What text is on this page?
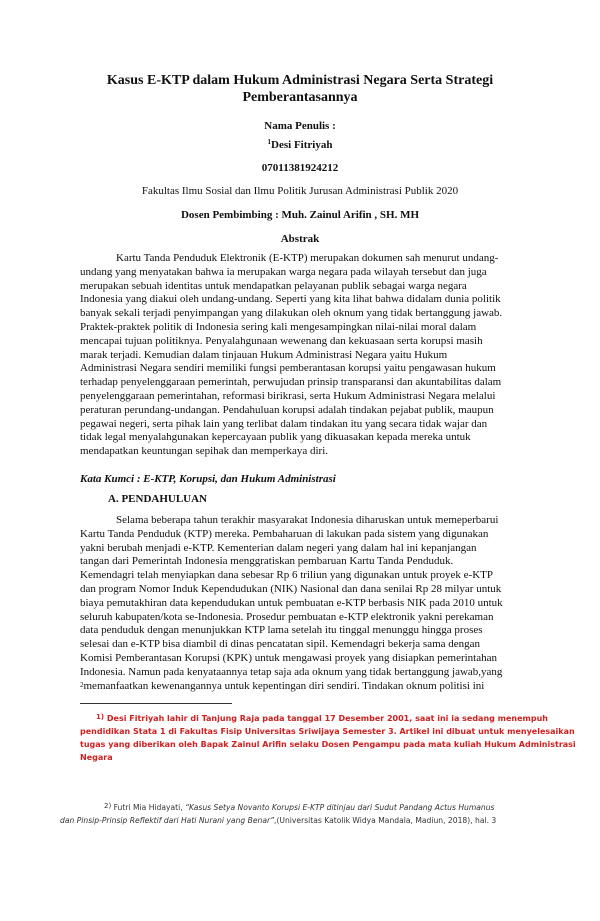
Kasus E-KTP dalam Hukum Administrasi Negara Serta Strategi
Pemberantasannya
Nama Penulis :
$^1$Desi Fitriyah
07011381924212
Fakultas Ilmu Sosial dan Ilmu Politik Jurusan Administrasi Publik 2020
Dosen Pembimbing : Muh. Zainul Arifin , SH. MH
Abstrak
Kartu Tanda Penduduk Elektronik (E-KTP) merupakan dokumen sah menurut undang-
undang yang menyatakan bahwa ia merupakan warga negara pada wilayah tersebut dan juga
merupakan sebuah identitas untuk mendapatkan pelayanan publik sebagai warga negara
Indonesia yang diakui oleh undang-undang. Seperti yang kita lihat bahwa didalam dunia politik
banyak sekali terjadi penyimpangan yang dilakukan oleh oknum yang tidak bertanggung jawab.
Praktek-praktek politik di Indonesia sering kali mengesampingkan nilai-nilai moral dalam
mencapai tujuan politiknya. Penyalahgunaan wewenang dan kekuasaan serta korupsi masih
marak terjadi. Kemudian dalam tinjauan Hukum Administrasi Negara yaitu Hukum
Administrasi Negara sendiri memiliki fungsi pemberantasan korupsi yaitu pengawasan hukum
terhadap penyelenggaraan pemerintah, perwujudan prinsip transparansi dan akuntabilitas dalam
penyelenggaraan pemerintahan, reformasi birikrasi, serta Hukum Administrasi Negara melalui
peraturan perundang-undangan. Pendahuluan korupsi adalah tindakan pejabat publik, maupun
pegawai negeri, serta pihak lain yang terlibat dalam tindakan itu yang secara tidak wajar dan
tidak legal menyalahgunakan kepercayaan publik yang dikuasakan kepada mereka untuk
mendapatkan keuntungan sepihak dan memperkaya diri.
Kata Kumci : E-KTP, Korupsi, dan Hukum Administrasi
A. PENDAHULUAN
Selama beberapa tahun terakhir masyarakat Indonesia diharuskan untuk memeperbarui
Kartu Tanda Penduduk (KTP) mereka. Pembaharuan di lakukan pada sistem yang digunakan
yakni berubah menjadi e-KTP. Kementerian dalam negeri yang dalam hal ini kepanjangan
tangan dari Pemerintah Indonesia menggratiskan pembaruan Kartu Tanda Penduduk.
Kemendagri telah menyiapkan dana sebesar Rp 6 triliun yang digunakan untuk proyek e-KTP
dan program Nomor Induk Kependudukan (NIK) Nasional dan dana senilai Rp 28 milyar untuk
biaya pemutakhiran data kependudukan untuk pembuatan e-KTP berbasis NIK pada 2010 untuk
seluruh kabupaten/kota se-Indonesia. Prosedur pembuatan e-KTP elektronik yakni perekaman
data penduduk dengan menunjukkan KTP lama setelah itu tinggal menunggu hingga proses
selesai dan e-KTP bisa diambil di dinas pencatatan sipil. Kemendagri bekerja sama dengan
Komisi Pemberantasan Korupsi (KPK) untuk mengawasi proyek yang disiapkan pemerintahan
Indonesia. Namun pada kenyataannya tetap saja ada oknum yang tidak bertanggung jawab,yang
$^2$memanfaatkan kewenangannya untuk kepentingan diri sendiri. Tindakan oknum politisi ini
1) Desi Fitriyah lahir di Tanjung Raja pada tanggal 17 Desember 2001, saat ini ia sedang menempuh
pendidikan Stata 1 di Fakultas Fisip Universitas Sriwijaya Semester 3. Artikel ini dibuat untuk menyelesaikan
tugas yang diberikan oleh Bapak Zainul Arifin selaku Dosen Pengampu pada mata kuliah Hukum Administrasi
Negara
2) Futri Mia Hidayati, “Kasus Setya Novanto Korupsi E-KTP ditinjau dari Sudut Pandang Actus Humanus
dan Pinsip-Prinsip Reflektif dari Hati Nurani yang Benar”,(Universitas Katolik Widya Mandala, Madiun, 2018), hal. 3
